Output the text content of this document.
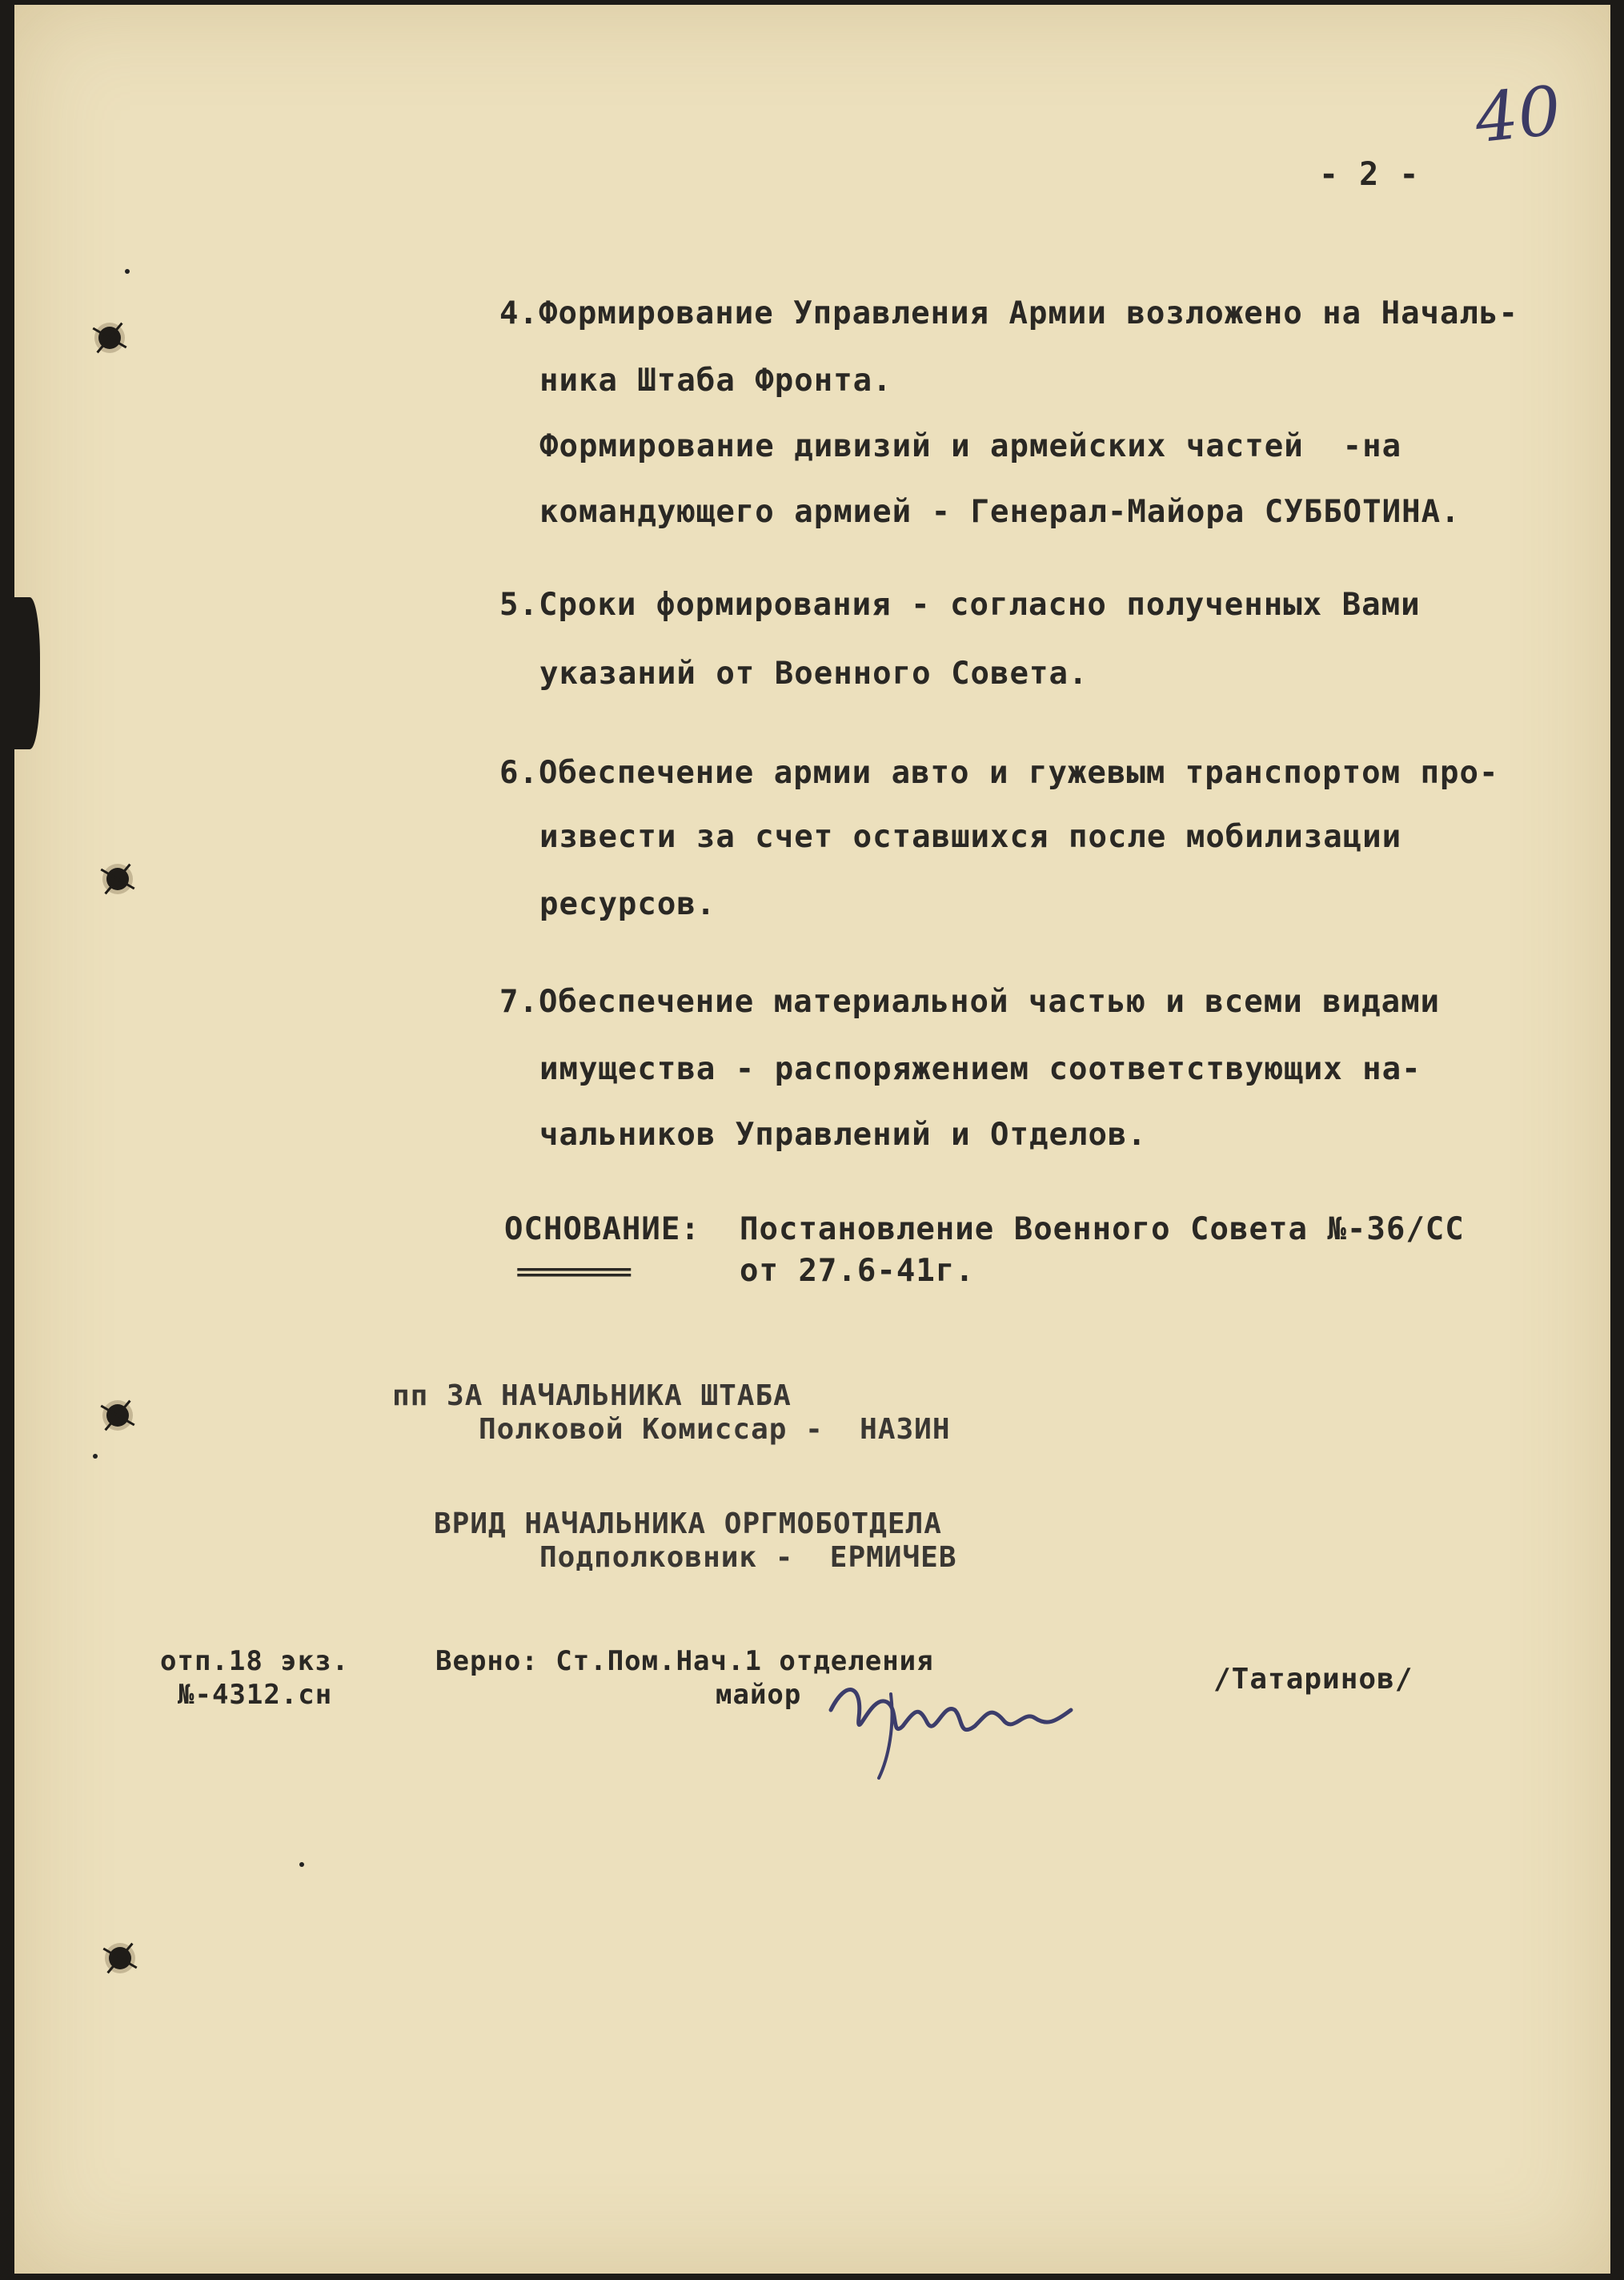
40
- 2 -
4.Формирование Управления Армии возложено на Началь-
ника Штаба Фронта.
Формирование дивизий и армейских частей  -на
командующего армией - Генерал-Майора СУББОТИНА.
5.Сроки формирования - согласно полученных Вами
указаний от Военного Совета.
6.Обеспечение армии авто и гужевым транспортом про-
извести за счет оставшихся после мобилизации
ресурсов.
7.Обеспечение материальной частью и всеми видами
имущества - распоряжением соответствующих на-
чальников Управлений и Отделов.
ОСНОВАНИЕ: Постановление Военного Совета №-36/СС
==========	от 27.6-41г.
пп ЗА НАЧАЛЬНИКА ШТАБА
Полковой Комиссар -  НАЗИН
ВРИД НАЧАЛЬНИКА ОРГМОБОТДЕЛА
Подполковник -  ЕРМИЧЕВ
отп.18 экз.
№-4312.сн
Верно: Ст.Пом.Нач.1 отделения
майор	/Татаринов/
